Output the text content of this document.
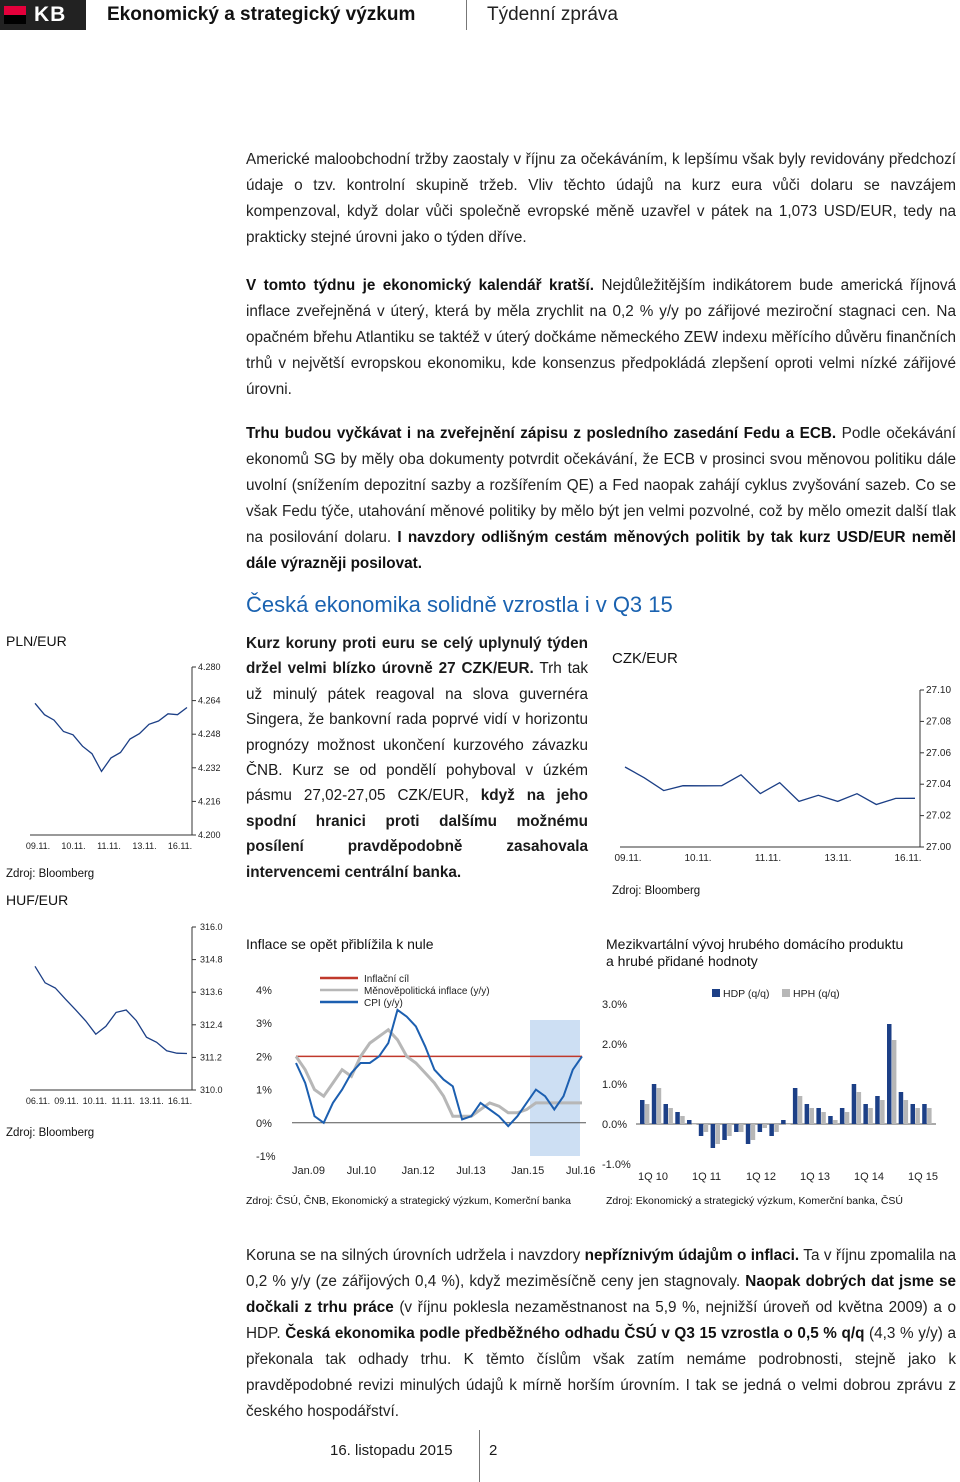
KB Ekonomický a strategický výzkum	Týdenní zpráva
Americké maloobchodní tržby zaostaly v říjnu za očekáváním, k lepšímu však byly revidovány předchozí údaje o tzv. kontrolní skupině tržeb. Vliv těchto údajů na kurz eura vůči dolaru se navzájem kompenzoval, když dolar vůči společně evropské měně uzavřel v pátek na 1,073 USD/EUR, tedy na prakticky stejné úrovni jako o týden dříve.
V tomto týdnu je ekonomický kalendář kratší. Nejdůležitějším indikátorem bude americká říjnová inflace zveřejněná v úterý, která by měla zrychlit na 0,2 % y/y po zářijové meziroční stagnaci cen. Na opačném břehu Atlantiku se taktéž v úterý dočkáme německého ZEW indexu měřícího důvěru finančních trhů v největší evropskou ekonomiku, kde konsenzus předpokládá zlepšení oproti velmi nízké zářijové úrovni.
Trhu budou vyčkávat i na zveřejnění zápisu z posledního zasedání Fedu a ECB. Podle očekávání ekonomů SG by měly oba dokumenty potvrdit očekávání, že ECB v prosinci svou měnovou politiku dále uvolní (snížením depozitní sazby a rozšířením QE) a Fed naopak zahájí cyklus zvyšování sazeb. Co se však Fedu týče, utahování měnové politiky by mělo být jen velmi pozvolné, což by mělo omezit další tlak na posilování dolaru. I navzdory odlišným cestám měnových politik by tak kurz USD/EUR neměl dále výrazněji posilovat.
Česká ekonomika solidně vzrostla i v Q3 15
PLN/EUR
4.280
4.264
4.248
4.232
4.216
4.200
09.11. 10.11. 11.11. 13.11. 16.11.
Zdroj: Bloomberg
HUF/EUR
316.0
314.8
313.6
312.4
311.2
310.0
06.11. 09.11. 10.11. 11.11. 13.11. 16.11.
Zdroj: Bloomberg
Kurz koruny proti euru se celý uplynulý týden držel velmi blízko úrovně 27 CZK/EUR. Trh tak už minulý pátek reagoval na slova guvernéra Singera, že bankovní rada poprvé vidí v horizontu prognózy možnost ukončení kurzového závazku ČNB. Kurz se od pondělí pohyboval v úzkém pásmu 27,02-27,05 CZK/EUR, když na jeho spodní hranici proti dalšímu možnému posílení pravděpodobně zasahovala intervencemi centrální banka.
CZK/EUR
27.10
27.08
27.06
27.04
27.02
27.00
09.11.	10.11.	11.11.	13.11.	16.11.
Zdroj: Bloomberg
Inflace se opět přiblížila k nule
4%
3%
2%
1%
0%
-1%
Jan.09 Jul.10 Jan.12 Jul.13 Jan.15 Jul.16
Inflační cíl
Měnověpolitická inflace (y/y)
CPI (y/y)
Zdroj: ČSÚ, ČNB, Ekonomický a strategický výzkum, Komerční banka
Mezikvartální vývoj hrubého domácího produktu a hrubé přidané hodnoty
3.0%
2.0%
1.0%
0.0%
-1.0%
HDP (q/q) HPH (q/q)
1Q 10 1Q 11 1Q 12 1Q 13 1Q 14 1Q 15
Zdroj: Ekonomický a strategický výzkum, Komerční banka, ČSÚ
Koruna se na silných úrovních udržela i navzdory nepříznivým údajům o inflaci. Ta v říjnu zpomalila na 0,2 % y/y (ze zářijových 0,4 %), když meziměsíčně ceny jen stagnovaly. Naopak dobrých dat jsme se dočkali z trhu práce (v říjnu poklesla nezaměstnanost na 5,9 %, nejnižší úroveň od května 2009) a o HDP. Česká ekonomika podle předběžného odhadu ČSÚ v Q3 15 vzrostla o 0,5 % q/q (4,3 % y/y) a překonala tak odhady trhu. K těmto číslům však zatím nemáme podrobnosti, stejně jako k pravděpodobné revizi minulých údajů k mírně horším úrovním. I tak se jedná o velmi dobrou zprávu z českého hospodářství.
16. listopadu 2015 2
